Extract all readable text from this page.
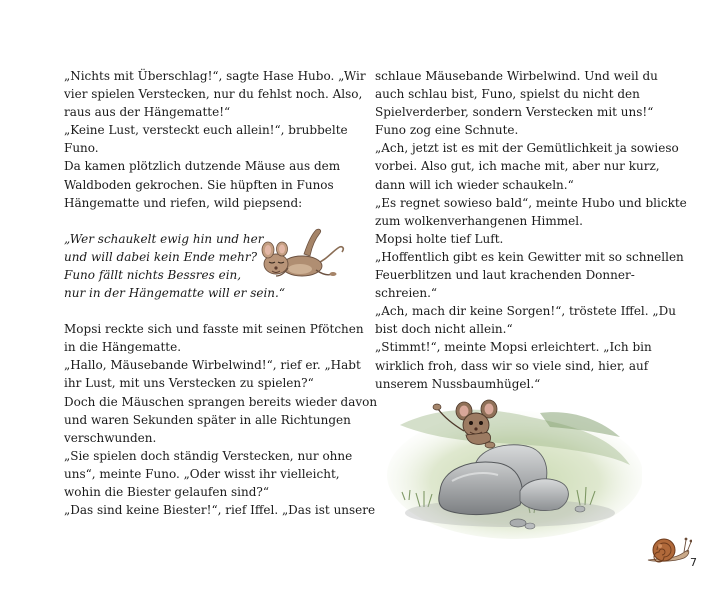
„Nichts mit Überschlag!“, sagte Hase Hubo. „Wir

vier spielen Verstecken, nur du fehlst noch. Also,

raus aus der Hängematte!“

„Keine Lust, versteckt euch allein!“, brubbelte

Funo.

Da kamen plötzlich dutzende Mäuse aus dem

Waldboden gekrochen. Sie hüpften in Funos

Hängematte und riefen, wild piepsend:

„Wer schaukelt ewig hin und her

und will dabei kein Ende mehr?

Funo fällt nichts Bessres ein,

nur in der Hängematte will er sein.“

Mopsi reckte sich und fasste mit seinen Pfötchen

in die Hängematte.

„Hallo, Mäusebande Wirbelwind!“, rief er. „Habt

ihr Lust, mit uns Verstecken zu spielen?“

Doch die Mäuschen sprangen bereits wieder davon

und waren Sekunden später in alle Richtungen

verschwunden.

„Sie spielen doch ständig Verstecken, nur ohne

uns“, meinte Funo. „Oder wisst ihr vielleicht,

wohin die Biester gelaufen sind?“

„Das sind keine Biester!“, rief Iffel. „Das ist unsere

schlaue Mäusebande Wirbelwind. Und weil du

auch schlau bist, Funo, spielst du nicht den

Spielverderber, sondern Verstecken mit uns!“

Funo zog eine Schnute.

„Ach, jetzt ist es mit der Gemütlichkeit ja sowieso

vorbei. Also gut, ich mache mit, aber nur kurz,

dann will ich wieder schaukeln.“

„Es regnet sowieso bald“, meinte Hubo und blickte

zum wolkenverhangenen Himmel.

Mopsi holte tief Luft.

„Hoffentlich gibt es kein Gewitter mit so schnellen

Feuerblitzen und laut krachenden Donner-

schreien.“

„Ach, mach dir keine Sorgen!“, tröstete Iffel. „Du

bist doch nicht allein.“

„Stimmt!“, meinte Mopsi erleichtert. „Ich bin

wirklich froh, dass wir so viele sind, hier, auf

unserem Nussbaumhügel.“

7
